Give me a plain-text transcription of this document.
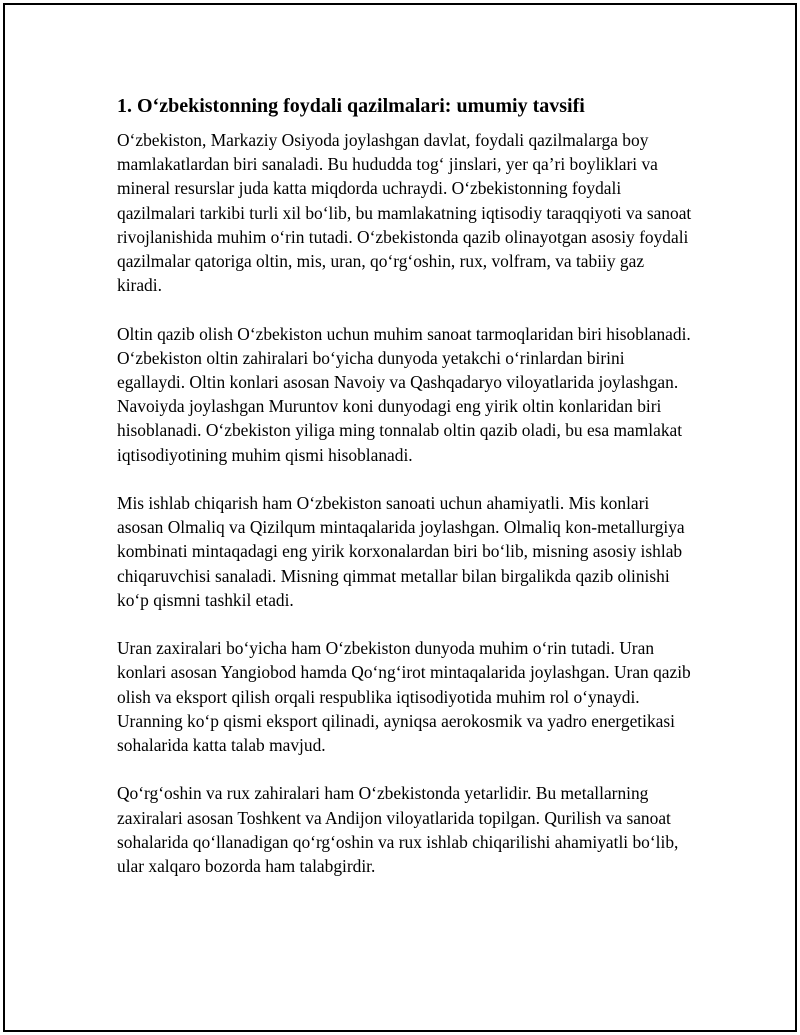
1. O‘zbekistonning foydali qazilmalari: umumiy tavsifi

O‘zbekiston, Markaziy Osiyoda joylashgan davlat, foydali qazilmalarga boy mamlakatlardan biri sanaladi. Bu hududda tog‘ jinslari, yer qa’ri boyliklari va mineral resurslar juda katta miqdorda uchraydi. O‘zbekistonning foydali qazilmalari tarkibi turli xil bo‘lib, bu mamlakatning iqtisodiy taraqqiyoti va sanoat rivojlanishida muhim o‘rin tutadi. O‘zbekistonda qazib olinayotgan asosiy foydali qazilmalar qatoriga oltin, mis, uran, qo‘rg‘oshin, rux, volfram, va tabiiy gaz kiradi.

Oltin qazib olish O‘zbekiston uchun muhim sanoat tarmoqlaridan biri hisoblanadi. O‘zbekiston oltin zahiralari bo‘yicha dunyoda yetakchi o‘rinlardan birini egallaydi. Oltin konlari asosan Navoiy va Qashqadaryo viloyatlarida joylashgan. Navoiyda joylashgan Muruntov koni dunyodagi eng yirik oltin konlaridan biri hisoblanadi. O‘zbekiston yiliga ming tonnalab oltin qazib oladi, bu esa mamlakat iqtisodiyotining muhim qismi hisoblanadi.

Mis ishlab chiqarish ham O‘zbekiston sanoati uchun ahamiyatli. Mis konlari asosan Olmaliq va Qizilqum mintaqalarida joylashgan. Olmaliq kon-metallurgiya kombinati mintaqadagi eng yirik korxonalardan biri bo‘lib, misning asosiy ishlab chiqaruvchisi sanaladi. Misning qimmat metallar bilan birgalikda qazib olinishi ko‘p qismni tashkil etadi.

Uran zaxiralari bo‘yicha ham O‘zbekiston dunyoda muhim o‘rin tutadi. Uran konlari asosan Yangiobod hamda Qo‘ng‘irot mintaqalarida joylashgan. Uran qazib olish va eksport qilish orqali respublika iqtisodiyotida muhim rol o‘ynaydi. Uranning ko‘p qismi eksport qilinadi, ayniqsa aerokosmik va yadro energetikasi sohalarida katta talab mavjud.

Qo‘rg‘oshin va rux zahiralari ham O‘zbekistonda yetarlidir. Bu metallarning zaxiralari asosan Toshkent va Andijon viloyatlarida topilgan. Qurilish va sanoat sohalarida qo‘llanadigan qo‘rg‘oshin va rux ishlab chiqarilishi ahamiyatli bo‘lib, ular xalqaro bozorda ham talabgirdir.
